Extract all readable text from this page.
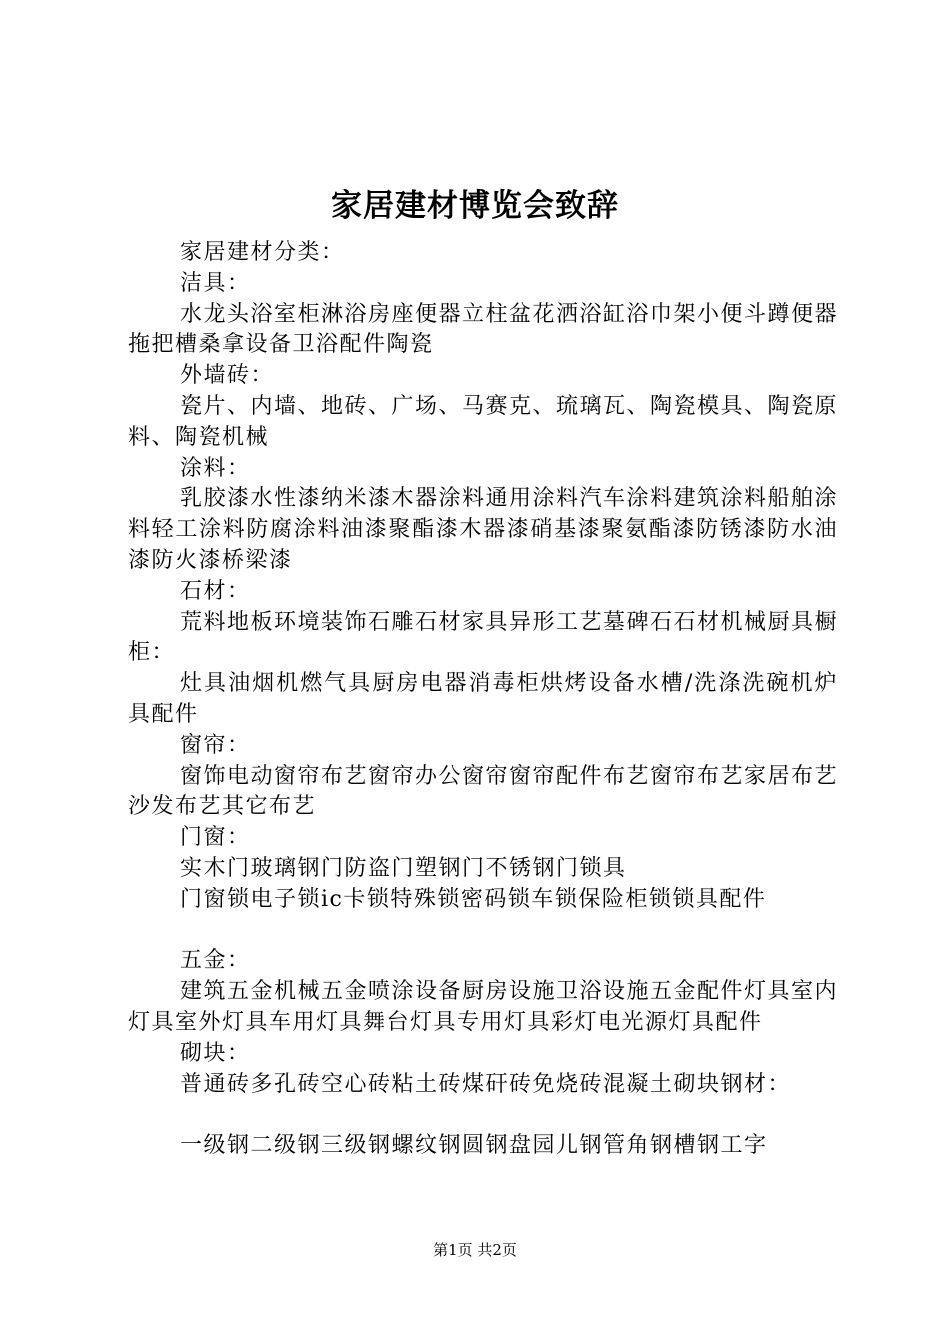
家居建材博览会致辞

家居建材分类：

洁具：

水龙头浴室柜淋浴房座便器立柱盆花洒浴缸浴巾架小便斗蹲便器拖把槽桑拿设备卫浴配件陶瓷

外墙砖：

瓷片、内墙、地砖、广场、马赛克、琉璃瓦、陶瓷模具、陶瓷原料、陶瓷机械

涂料：

乳胶漆水性漆纳米漆木器涂料通用涂料汽车涂料建筑涂料船舶涂料轻工涂料防腐涂料油漆聚酯漆木器漆硝基漆聚氨酯漆防锈漆防水油漆防火漆桥梁漆

石材：

荒料地板环境装饰石雕石材家具异形工艺墓碑石石材机械厨具橱柜：

灶具油烟机燃气具厨房电器消毒柜烘烤设备水槽/洗涤洗碗机炉具配件

窗帘：

窗饰电动窗帘布艺窗帘办公窗帘窗帘配件布艺窗帘布艺家居布艺沙发布艺其它布艺

门窗：

实木门玻璃钢门防盗门塑钢门不锈钢门锁具

门窗锁电子锁ic卡锁特殊锁密码锁车锁保险柜锁锁具配件

五金：

建筑五金机械五金喷涂设备厨房设施卫浴设施五金配件灯具室内灯具室外灯具车用灯具舞台灯具专用灯具彩灯电光源灯具配件

砌块：

普通砖多孔砖空心砖粘土砖煤矸砖免烧砖混凝土砌块钢材：

一级钢二级钢三级钢螺纹钢圆钢盘园儿钢管角钢槽钢工字

第1页 共2页
